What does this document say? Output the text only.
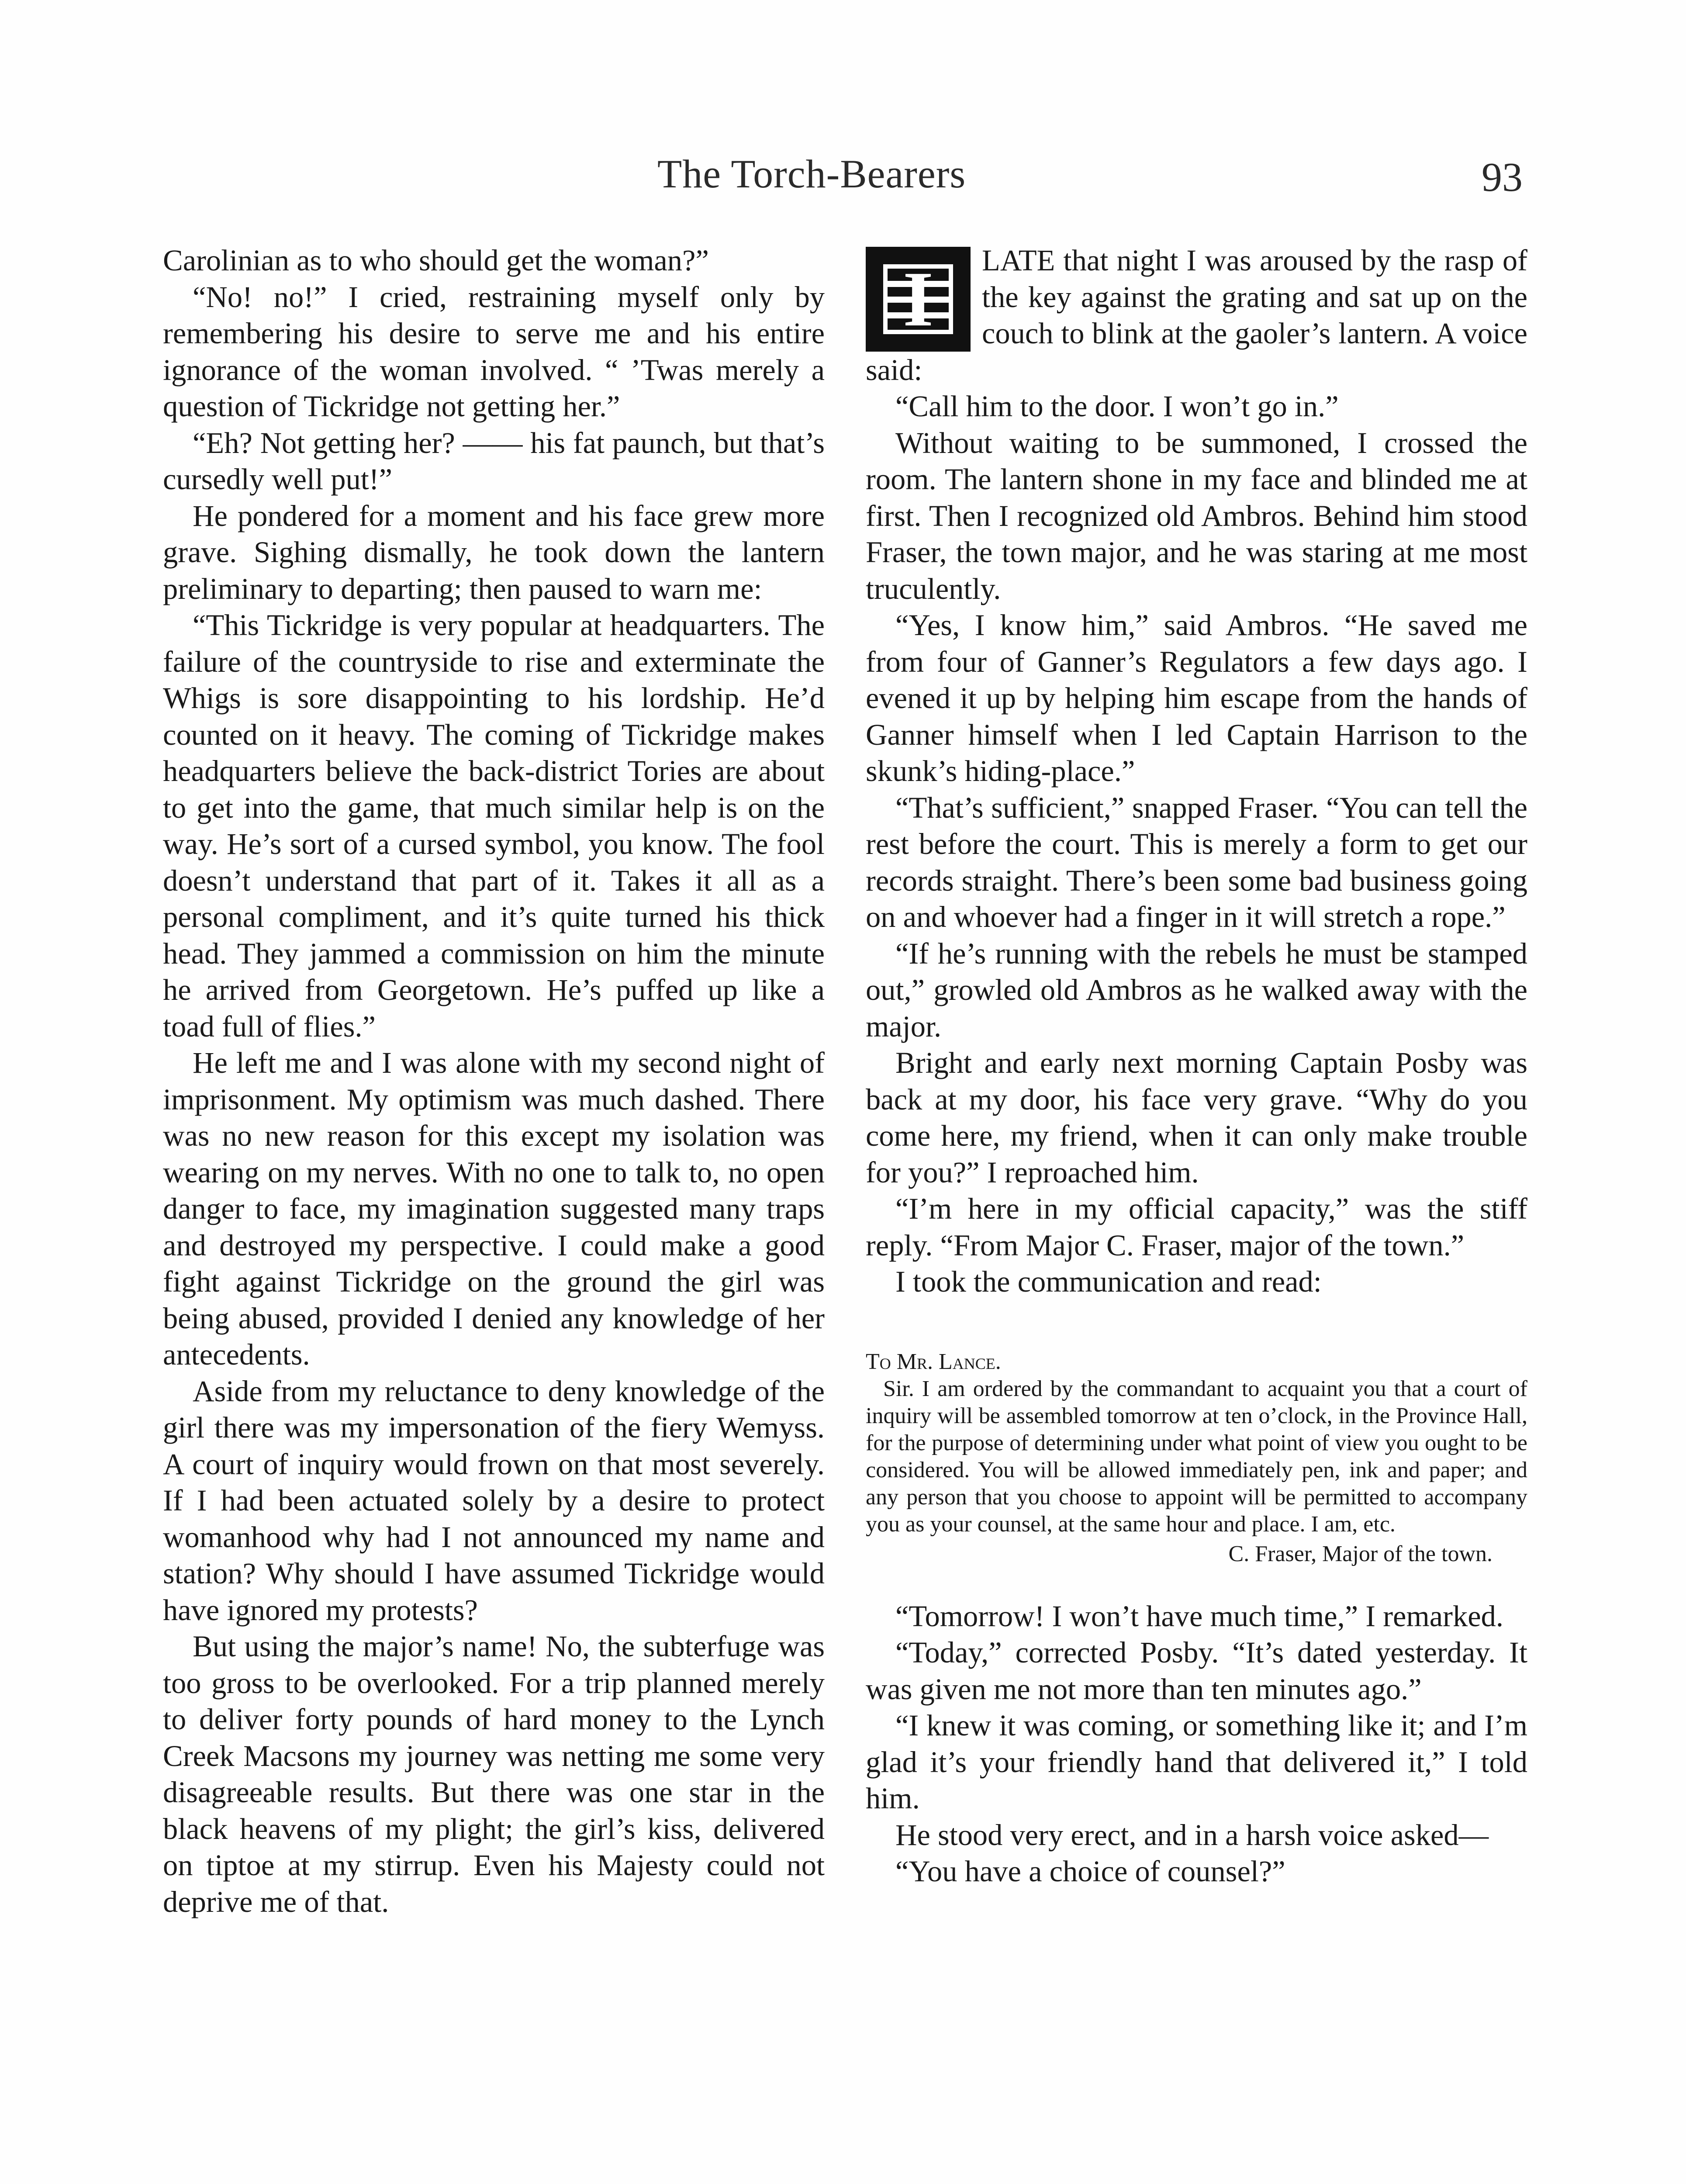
The Torch-Bearers	93

Carolinian as to who should get the woman?”

“No! no!” I cried, restraining myself only by remembering his desire to serve me and his entire ignorance of the woman involved. “ ’Twas merely a question of Tickridge not getting her.”

“Eh? Not getting her? —— his fat paunch, but that’s cursedly well put!”

He pondered for a moment and his face grew more grave. Sighing dismally, he took down the lantern preliminary to departing; then paused to warn me:

“This Tickridge is very popular at headquarters. The failure of the countryside to rise and exterminate the Whigs is sore disappointing to his lordship. He’d counted on it heavy. The coming of Tickridge makes headquarters believe the back-district Tories are about to get into the game, that much similar help is on the way. He’s sort of a cursed symbol, you know. The fool doesn’t understand that part of it. Takes it all as a personal compliment, and it’s quite turned his thick head. They jammed a commission on him the minute he arrived from Georgetown. He’s puffed up like a toad full of flies.”

He left me and I was alone with my second night of imprisonment. My optimism was much dashed. There was no new reason for this except my isolation was wearing on my nerves. With no one to talk to, no open danger to face, my imagination suggested many traps and destroyed my perspective. I could make a good fight against Tickridge on the ground the girl was being abused, provided I denied any knowledge of her antecedents.

Aside from my reluctance to deny knowledge of the girl there was my impersonation of the fiery Wemyss. A court of inquiry would frown on that most severely. If I had been actuated solely by a desire to protect womanhood why had I not announced my name and station? Why should I have assumed Tickridge would have ignored my protests?

But using the major’s name! No, the subterfuge was too gross to be overlooked. For a trip planned merely to deliver forty pounds of hard money to the Lynch Creek Macsons my journey was netting me some very disagreeable results. But there was one star in the black heavens of my plight; the girl’s kiss, delivered on tiptoe at my stirrup. Even his Majesty could not deprive me of that.

I	LATE that night I was aroused by the rasp of the key against the grating and sat up on the couch to blink at the gaoler’s lantern. A voice said:

“Call him to the door. I won’t go in.”

Without waiting to be summoned, I crossed the room. The lantern shone in my face and blinded me at first. Then I recognized old Ambros. Behind him stood Fraser, the town major, and he was staring at me most truculently.

“Yes, I know him,” said Ambros. “He saved me from four of Ganner’s Regulators a few days ago. I evened it up by helping him escape from the hands of Ganner himself when I led Captain Harrison to the skunk’s hiding-place.”

“That’s sufficient,” snapped Fraser. “You can tell the rest before the court. This is merely a form to get our records straight. There’s been some bad business going on and whoever had a finger in it will stretch a rope.”

“If he’s running with the rebels he must be stamped out,” growled old Ambros as he walked away with the major.

Bright and early next morning Captain Posby was back at my door, his face very grave. “Why do you come here, my friend, when it can only make trouble for you?” I reproached him.

“I’m here in my official capacity,” was the stiff reply. “From Major C. Fraser, major of the town.”

I took the communication and read:

To Mr. Lance.

Sir. I am ordered by the commandant to acquaint you that a court of inquiry will be assembled tomorrow at ten o’clock, in the Province Hall, for the purpose of determining under what point of view you ought to be considered. You will be allowed immediately pen, ink and paper; and any person that you choose to appoint will be permitted to accompany you as your counsel, at the same hour and place. I am, etc.

C. Fraser, Major of the town.

“Tomorrow! I won’t have much time,” I remarked.

“Today,” corrected Posby. “It’s dated yesterday. It was given me not more than ten minutes ago.”

“I knew it was coming, or something like it; and I’m glad it’s your friendly hand that delivered it,” I told him.

He stood very erect, and in a harsh voice asked—

“You have a choice of counsel?”
